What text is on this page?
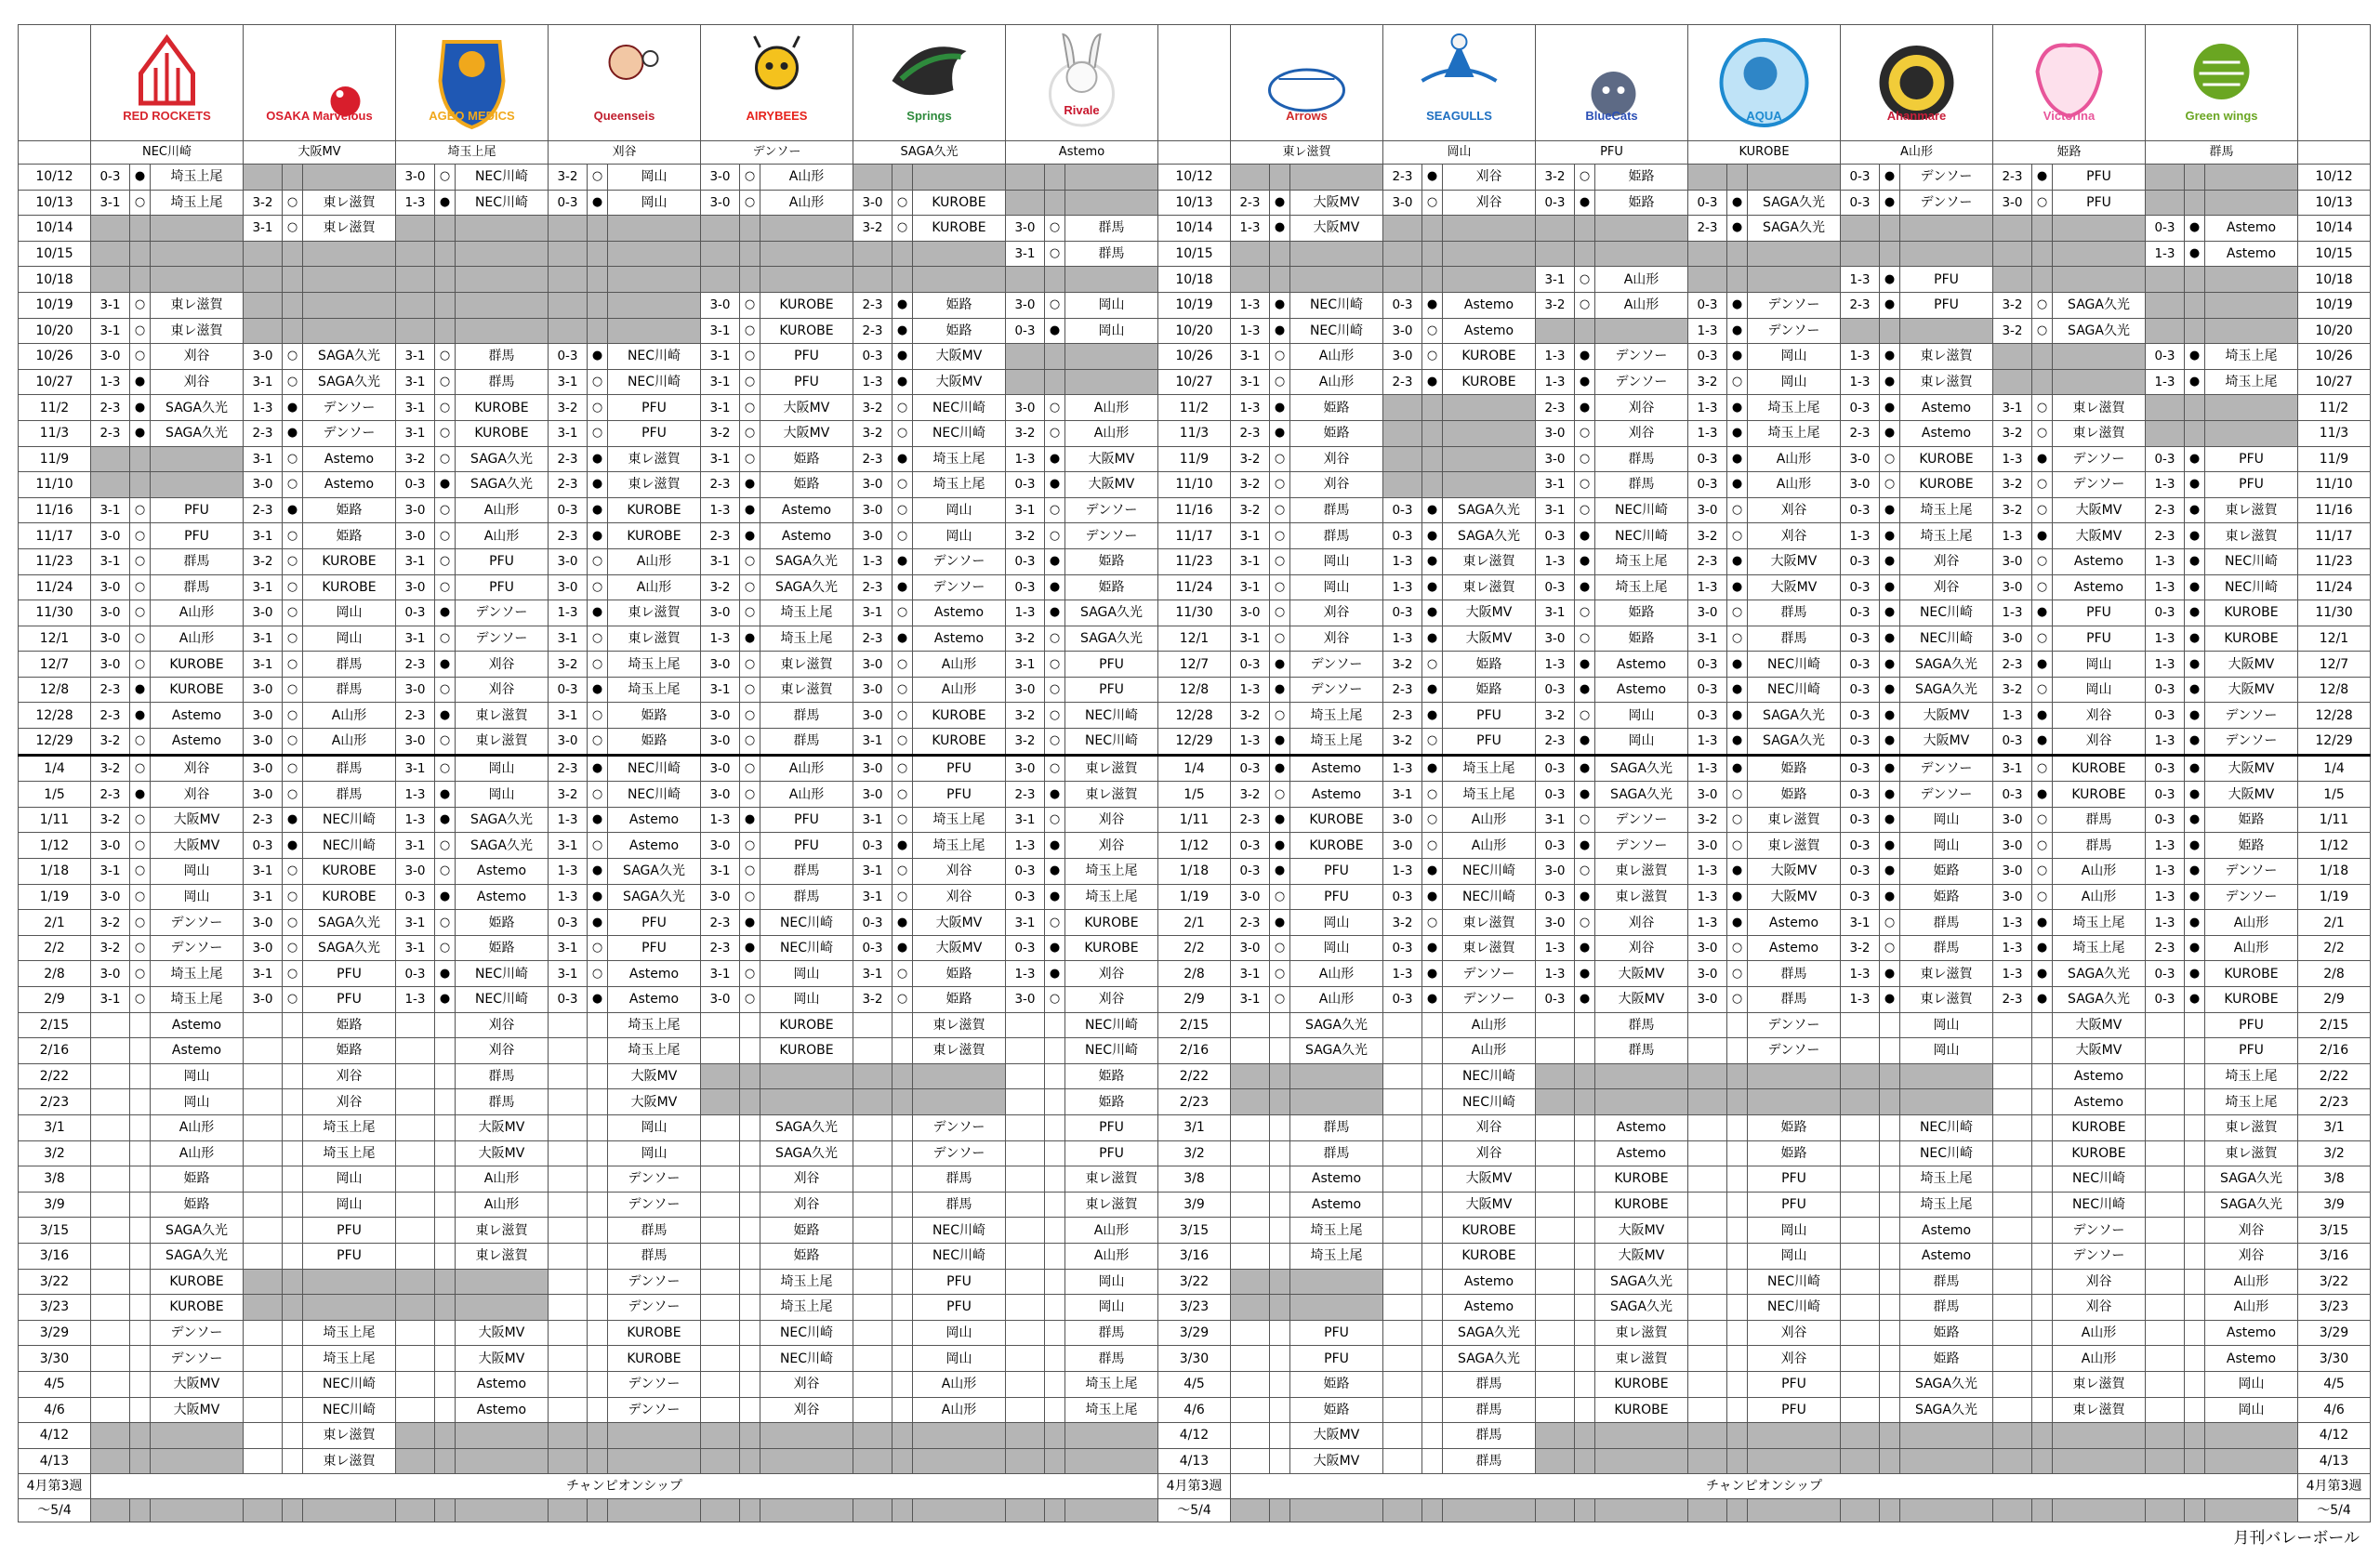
RED ROCKETS			OSAKA Marvelous			AGEO MEDICS			Queenseis			AIRYBEES			Springs			Rivale				Arrows			SEAGULLS			BlueCats			AQUA			Ahanmare			Victorina			Green wings			

	NEC川崎			大阪MV			埼玉上尾			刈谷			デンソー			SAGA久光			Astemo				東レ滋賀			岡山			PFU			KUROBE			A山形			姫路			群馬			
10/12	0-3	●	埼玉上尾				3-0	○	NEC川崎	3-2	○	岡山	3-0	○	A山形							10/12				2-3	●	刈谷	3-2	○	姫路				0-3	●	デンソー	2-3	●	PFU				10/12
10/13	3-1	○	埼玉上尾	3-2	○	東レ滋賀	1-3	●	NEC川崎	0-3	●	岡山	3-0	○	A山形	3-0	○	KUROBE				10/13	2-3	●	大阪MV	3-0	○	刈谷	0-3	●	姫路	0-3	●	SAGA久光	0-3	●	デンソー	3-0	○	PFU				10/13
10/14				3-1	○	東レ滋賀										3-2	○	KUROBE	3-0	○	群馬	10/14	1-3	●	大阪MV							2-3	●	SAGA久光							0-3	●	Astemo	10/14
10/15																			3-1	○	群馬	10/15																			1-3	●	Astemo	10/15
10/18																						10/18							3-1	○	A山形				1-3	●	PFU							10/18
10/19	3-1	○	東レ滋賀										3-0	○	KUROBE	2-3	●	姫路	3-0	○	岡山	10/19	1-3	●	NEC川崎	0-3	●	Astemo	3-2	○	A山形	0-3	●	デンソー	2-3	●	PFU	3-2	○	SAGA久光				10/19
10/20	3-1	○	東レ滋賀										3-1	○	KUROBE	2-3	●	姫路	0-3	●	岡山	10/20	1-3	●	NEC川崎	3-0	○	Astemo				1-3	●	デンソー				3-2	○	SAGA久光				10/20
10/26	3-0	○	刈谷	3-0	○	SAGA久光	3-1	○	群馬	0-3	●	NEC川崎	3-1	○	PFU	0-3	●	大阪MV				10/26	3-1	○	A山形	3-0	○	KUROBE	1-3	●	デンソー	0-3	●	岡山	1-3	●	東レ滋賀				0-3	●	埼玉上尾	10/26
10/27	1-3	●	刈谷	3-1	○	SAGA久光	3-1	○	群馬	3-1	○	NEC川崎	3-1	○	PFU	1-3	●	大阪MV				10/27	3-1	○	A山形	2-3	●	KUROBE	1-3	●	デンソー	3-2	○	岡山	1-3	●	東レ滋賀				1-3	●	埼玉上尾	10/27
11/2	2-3	●	SAGA久光	1-3	●	デンソー	3-1	○	KUROBE	3-2	○	PFU	3-1	○	大阪MV	3-2	○	NEC川崎	3-0	○	A山形	11/2	1-3	●	姫路				2-3	●	刈谷	1-3	●	埼玉上尾	0-3	●	Astemo	3-1	○	東レ滋賀				11/2
11/3	2-3	●	SAGA久光	2-3	●	デンソー	3-1	○	KUROBE	3-1	○	PFU	3-2	○	大阪MV	3-2	○	NEC川崎	3-2	○	A山形	11/3	2-3	●	姫路				3-0	○	刈谷	1-3	●	埼玉上尾	2-3	●	Astemo	3-2	○	東レ滋賀				11/3
11/9				3-1	○	Astemo	3-2	○	SAGA久光	2-3	●	東レ滋賀	3-1	○	姫路	2-3	●	埼玉上尾	1-3	●	大阪MV	11/9	3-2	○	刈谷				3-0	○	群馬	0-3	●	A山形	3-0	○	KUROBE	1-3	●	デンソー	0-3	●	PFU	11/9
11/10				3-0	○	Astemo	0-3	●	SAGA久光	2-3	●	東レ滋賀	2-3	●	姫路	3-0	○	埼玉上尾	0-3	●	大阪MV	11/10	3-2	○	刈谷				3-1	○	群馬	0-3	●	A山形	3-0	○	KUROBE	3-2	○	デンソー	1-3	●	PFU	11/10
11/16	3-1	○	PFU	2-3	●	姫路	3-0	○	A山形	0-3	●	KUROBE	1-3	●	Astemo	3-0	○	岡山	3-1	○	デンソー	11/16	3-2	○	群馬	0-3	●	SAGA久光	3-1	○	NEC川崎	3-0	○	刈谷	0-3	●	埼玉上尾	3-2	○	大阪MV	2-3	●	東レ滋賀	11/16
11/17	3-0	○	PFU	3-1	○	姫路	3-0	○	A山形	2-3	●	KUROBE	2-3	●	Astemo	3-0	○	岡山	3-2	○	デンソー	11/17	3-1	○	群馬	0-3	●	SAGA久光	0-3	●	NEC川崎	3-2	○	刈谷	1-3	●	埼玉上尾	1-3	●	大阪MV	2-3	●	東レ滋賀	11/17
11/23	3-1	○	群馬	3-2	○	KUROBE	3-1	○	PFU	3-0	○	A山形	3-1	○	SAGA久光	1-3	●	デンソー	0-3	●	姫路	11/23	3-1	○	岡山	1-3	●	東レ滋賀	1-3	●	埼玉上尾	2-3	●	大阪MV	0-3	●	刈谷	3-0	○	Astemo	1-3	●	NEC川崎	11/23
11/24	3-0	○	群馬	3-1	○	KUROBE	3-0	○	PFU	3-0	○	A山形	3-2	○	SAGA久光	2-3	●	デンソー	0-3	●	姫路	11/24	3-1	○	岡山	1-3	●	東レ滋賀	0-3	●	埼玉上尾	1-3	●	大阪MV	0-3	●	刈谷	3-0	○	Astemo	1-3	●	NEC川崎	11/24
11/30	3-0	○	A山形	3-0	○	岡山	0-3	●	デンソー	1-3	●	東レ滋賀	3-0	○	埼玉上尾	3-1	○	Astemo	1-3	●	SAGA久光	11/30	3-0	○	刈谷	0-3	●	大阪MV	3-1	○	姫路	3-0	○	群馬	0-3	●	NEC川崎	1-3	●	PFU	0-3	●	KUROBE	11/30
12/1	3-0	○	A山形	3-1	○	岡山	3-1	○	デンソー	3-1	○	東レ滋賀	1-3	●	埼玉上尾	2-3	●	Astemo	3-2	○	SAGA久光	12/1	3-1	○	刈谷	1-3	●	大阪MV	3-0	○	姫路	3-1	○	群馬	0-3	●	NEC川崎	3-0	○	PFU	1-3	●	KUROBE	12/1
12/7	3-0	○	KUROBE	3-1	○	群馬	2-3	●	刈谷	3-2	○	埼玉上尾	3-0	○	東レ滋賀	3-0	○	A山形	3-1	○	PFU	12/7	0-3	●	デンソー	3-2	○	姫路	1-3	●	Astemo	0-3	●	NEC川崎	0-3	●	SAGA久光	2-3	●	岡山	1-3	●	大阪MV	12/7
12/8	2-3	●	KUROBE	3-0	○	群馬	3-0	○	刈谷	0-3	●	埼玉上尾	3-1	○	東レ滋賀	3-0	○	A山形	3-0	○	PFU	12/8	1-3	●	デンソー	2-3	●	姫路	0-3	●	Astemo	0-3	●	NEC川崎	0-3	●	SAGA久光	3-2	○	岡山	0-3	●	大阪MV	12/8
12/28	2-3	●	Astemo	3-0	○	A山形	2-3	●	東レ滋賀	3-1	○	姫路	3-0	○	群馬	3-0	○	KUROBE	3-2	○	NEC川崎	12/28	3-2	○	埼玉上尾	2-3	●	PFU	3-2	○	岡山	0-3	●	SAGA久光	0-3	●	大阪MV	1-3	●	刈谷	0-3	●	デンソー	12/28
12/29	3-2	○	Astemo	3-0	○	A山形	3-0	○	東レ滋賀	3-0	○	姫路	3-0	○	群馬	3-1	○	KUROBE	3-2	○	NEC川崎	12/29	1-3	●	埼玉上尾	3-2	○	PFU	2-3	●	岡山	1-3	●	SAGA久光	0-3	●	大阪MV	0-3	●	刈谷	1-3	●	デンソー	12/29
1/4	3-2	○	刈谷	3-0	○	群馬	3-1	○	岡山	2-3	●	NEC川崎	3-0	○	A山形	3-0	○	PFU	3-0	○	東レ滋賀	1/4	0-3	●	Astemo	1-3	●	埼玉上尾	0-3	●	SAGA久光	1-3	●	姫路	0-3	●	デンソー	3-1	○	KUROBE	0-3	●	大阪MV	1/4
1/5	2-3	●	刈谷	3-0	○	群馬	1-3	●	岡山	3-2	○	NEC川崎	3-0	○	A山形	3-0	○	PFU	2-3	●	東レ滋賀	1/5	3-2	○	Astemo	3-1	○	埼玉上尾	0-3	●	SAGA久光	3-0	○	姫路	0-3	●	デンソー	0-3	●	KUROBE	0-3	●	大阪MV	1/5
1/11	3-2	○	大阪MV	2-3	●	NEC川崎	1-3	●	SAGA久光	1-3	●	Astemo	1-3	●	PFU	3-1	○	埼玉上尾	3-1	○	刈谷	1/11	2-3	●	KUROBE	3-0	○	A山形	3-1	○	デンソー	3-2	○	東レ滋賀	0-3	●	岡山	3-0	○	群馬	0-3	●	姫路	1/11
1/12	3-0	○	大阪MV	0-3	●	NEC川崎	3-1	○	SAGA久光	3-1	○	Astemo	3-0	○	PFU	0-3	●	埼玉上尾	1-3	●	刈谷	1/12	0-3	●	KUROBE	3-0	○	A山形	0-3	●	デンソー	3-0	○	東レ滋賀	0-3	●	岡山	3-0	○	群馬	1-3	●	姫路	1/12
1/18	3-1	○	岡山	3-1	○	KUROBE	3-0	○	Astemo	1-3	●	SAGA久光	3-1	○	群馬	3-1	○	刈谷	0-3	●	埼玉上尾	1/18	0-3	●	PFU	1-3	●	NEC川崎	3-0	○	東レ滋賀	1-3	●	大阪MV	0-3	●	姫路	3-0	○	A山形	1-3	●	デンソー	1/18
1/19	3-0	○	岡山	3-1	○	KUROBE	0-3	●	Astemo	1-3	●	SAGA久光	3-0	○	群馬	3-1	○	刈谷	0-3	●	埼玉上尾	1/19	3-0	○	PFU	0-3	●	NEC川崎	0-3	●	東レ滋賀	1-3	●	大阪MV	0-3	●	姫路	3-0	○	A山形	1-3	●	デンソー	1/19
2/1	3-2	○	デンソー	3-0	○	SAGA久光	3-1	○	姫路	0-3	●	PFU	2-3	●	NEC川崎	0-3	●	大阪MV	3-1	○	KUROBE	2/1	2-3	●	岡山	3-2	○	東レ滋賀	3-0	○	刈谷	1-3	●	Astemo	3-1	○	群馬	1-3	●	埼玉上尾	1-3	●	A山形	2/1
2/2	3-2	○	デンソー	3-0	○	SAGA久光	3-1	○	姫路	3-1	○	PFU	2-3	●	NEC川崎	0-3	●	大阪MV	0-3	●	KUROBE	2/2	3-0	○	岡山	0-3	●	東レ滋賀	1-3	●	刈谷	3-0	○	Astemo	3-2	○	群馬	1-3	●	埼玉上尾	2-3	●	A山形	2/2
2/8	3-0	○	埼玉上尾	3-1	○	PFU	0-3	●	NEC川崎	3-1	○	Astemo	3-1	○	岡山	3-1	○	姫路	1-3	●	刈谷	2/8	3-1	○	A山形	1-3	●	デンソー	1-3	●	大阪MV	3-0	○	群馬	1-3	●	東レ滋賀	1-3	●	SAGA久光	0-3	●	KUROBE	2/8
2/9	3-1	○	埼玉上尾	3-0	○	PFU	1-3	●	NEC川崎	0-3	●	Astemo	3-0	○	岡山	3-2	○	姫路	3-0	○	刈谷	2/9	3-1	○	A山形	0-3	●	デンソー	0-3	●	大阪MV	3-0	○	群馬	1-3	●	東レ滋賀	2-3	●	SAGA久光	0-3	●	KUROBE	2/9
2/15			Astemo			姫路			刈谷			埼玉上尾			KUROBE			東レ滋賀			NEC川崎	2/15			SAGA久光			A山形			群馬			デンソー			岡山			大阪MV			PFU	2/15
2/16			Astemo			姫路			刈谷			埼玉上尾			KUROBE			東レ滋賀			NEC川崎	2/16			SAGA久光			A山形			群馬			デンソー			岡山			大阪MV			PFU	2/16
2/22			岡山			刈谷			群馬			大阪MV									姫路	2/22						NEC川崎												Astemo			埼玉上尾	2/22
2/23			岡山			刈谷			群馬			大阪MV									姫路	2/23						NEC川崎												Astemo			埼玉上尾	2/23
3/1			A山形			埼玉上尾			大阪MV			岡山			SAGA久光			デンソー			PFU	3/1			群馬			刈谷			Astemo			姫路			NEC川崎			KUROBE			東レ滋賀	3/1
3/2			A山形			埼玉上尾			大阪MV			岡山			SAGA久光			デンソー			PFU	3/2			群馬			刈谷			Astemo			姫路			NEC川崎			KUROBE			東レ滋賀	3/2
3/8			姫路			岡山			A山形			デンソー			刈谷			群馬			東レ滋賀	3/8			Astemo			大阪MV			KUROBE			PFU			埼玉上尾			NEC川崎			SAGA久光	3/8
3/9			姫路			岡山			A山形			デンソー			刈谷			群馬			東レ滋賀	3/9			Astemo			大阪MV			KUROBE			PFU			埼玉上尾			NEC川崎			SAGA久光	3/9
3/15			SAGA久光			PFU			東レ滋賀			群馬			姫路			NEC川崎			A山形	3/15			埼玉上尾			KUROBE			大阪MV			岡山			Astemo			デンソー			刈谷	3/15
3/16			SAGA久光			PFU			東レ滋賀			群馬			姫路			NEC川崎			A山形	3/16			埼玉上尾			KUROBE			大阪MV			岡山			Astemo			デンソー			刈谷	3/16
3/22			KUROBE									デンソー			埼玉上尾			PFU			岡山	3/22						Astemo			SAGA久光			NEC川崎			群馬			刈谷			A山形	3/22
3/23			KUROBE									デンソー			埼玉上尾			PFU			岡山	3/23						Astemo			SAGA久光			NEC川崎			群馬			刈谷			A山形	3/23
3/29			デンソー			埼玉上尾			大阪MV			KUROBE			NEC川崎			岡山			群馬	3/29			PFU			SAGA久光			東レ滋賀			刈谷			姫路			A山形			Astemo	3/29
3/30			デンソー			埼玉上尾			大阪MV			KUROBE			NEC川崎			岡山			群馬	3/30			PFU			SAGA久光			東レ滋賀			刈谷			姫路			A山形			Astemo	3/30
4/5			大阪MV			NEC川崎			Astemo			デンソー			刈谷			A山形			埼玉上尾	4/5			姫路			群馬			KUROBE			PFU			SAGA久光			東レ滋賀			岡山	4/5
4/6			大阪MV			NEC川崎			Astemo			デンソー			刈谷			A山形			埼玉上尾	4/6			姫路			群馬			KUROBE			PFU			SAGA久光			東レ滋賀			岡山	4/6
4/12						東レ滋賀																4/12			大阪MV			群馬																4/12
4/13						東レ滋賀																4/13			大阪MV			群馬																4/13
4月第3週	チャンピオンシップ																					4月第3週	チャンピオンシップ																					4月第3週
～5/4																						～5/4																						～5/4
月刊バレーボール
